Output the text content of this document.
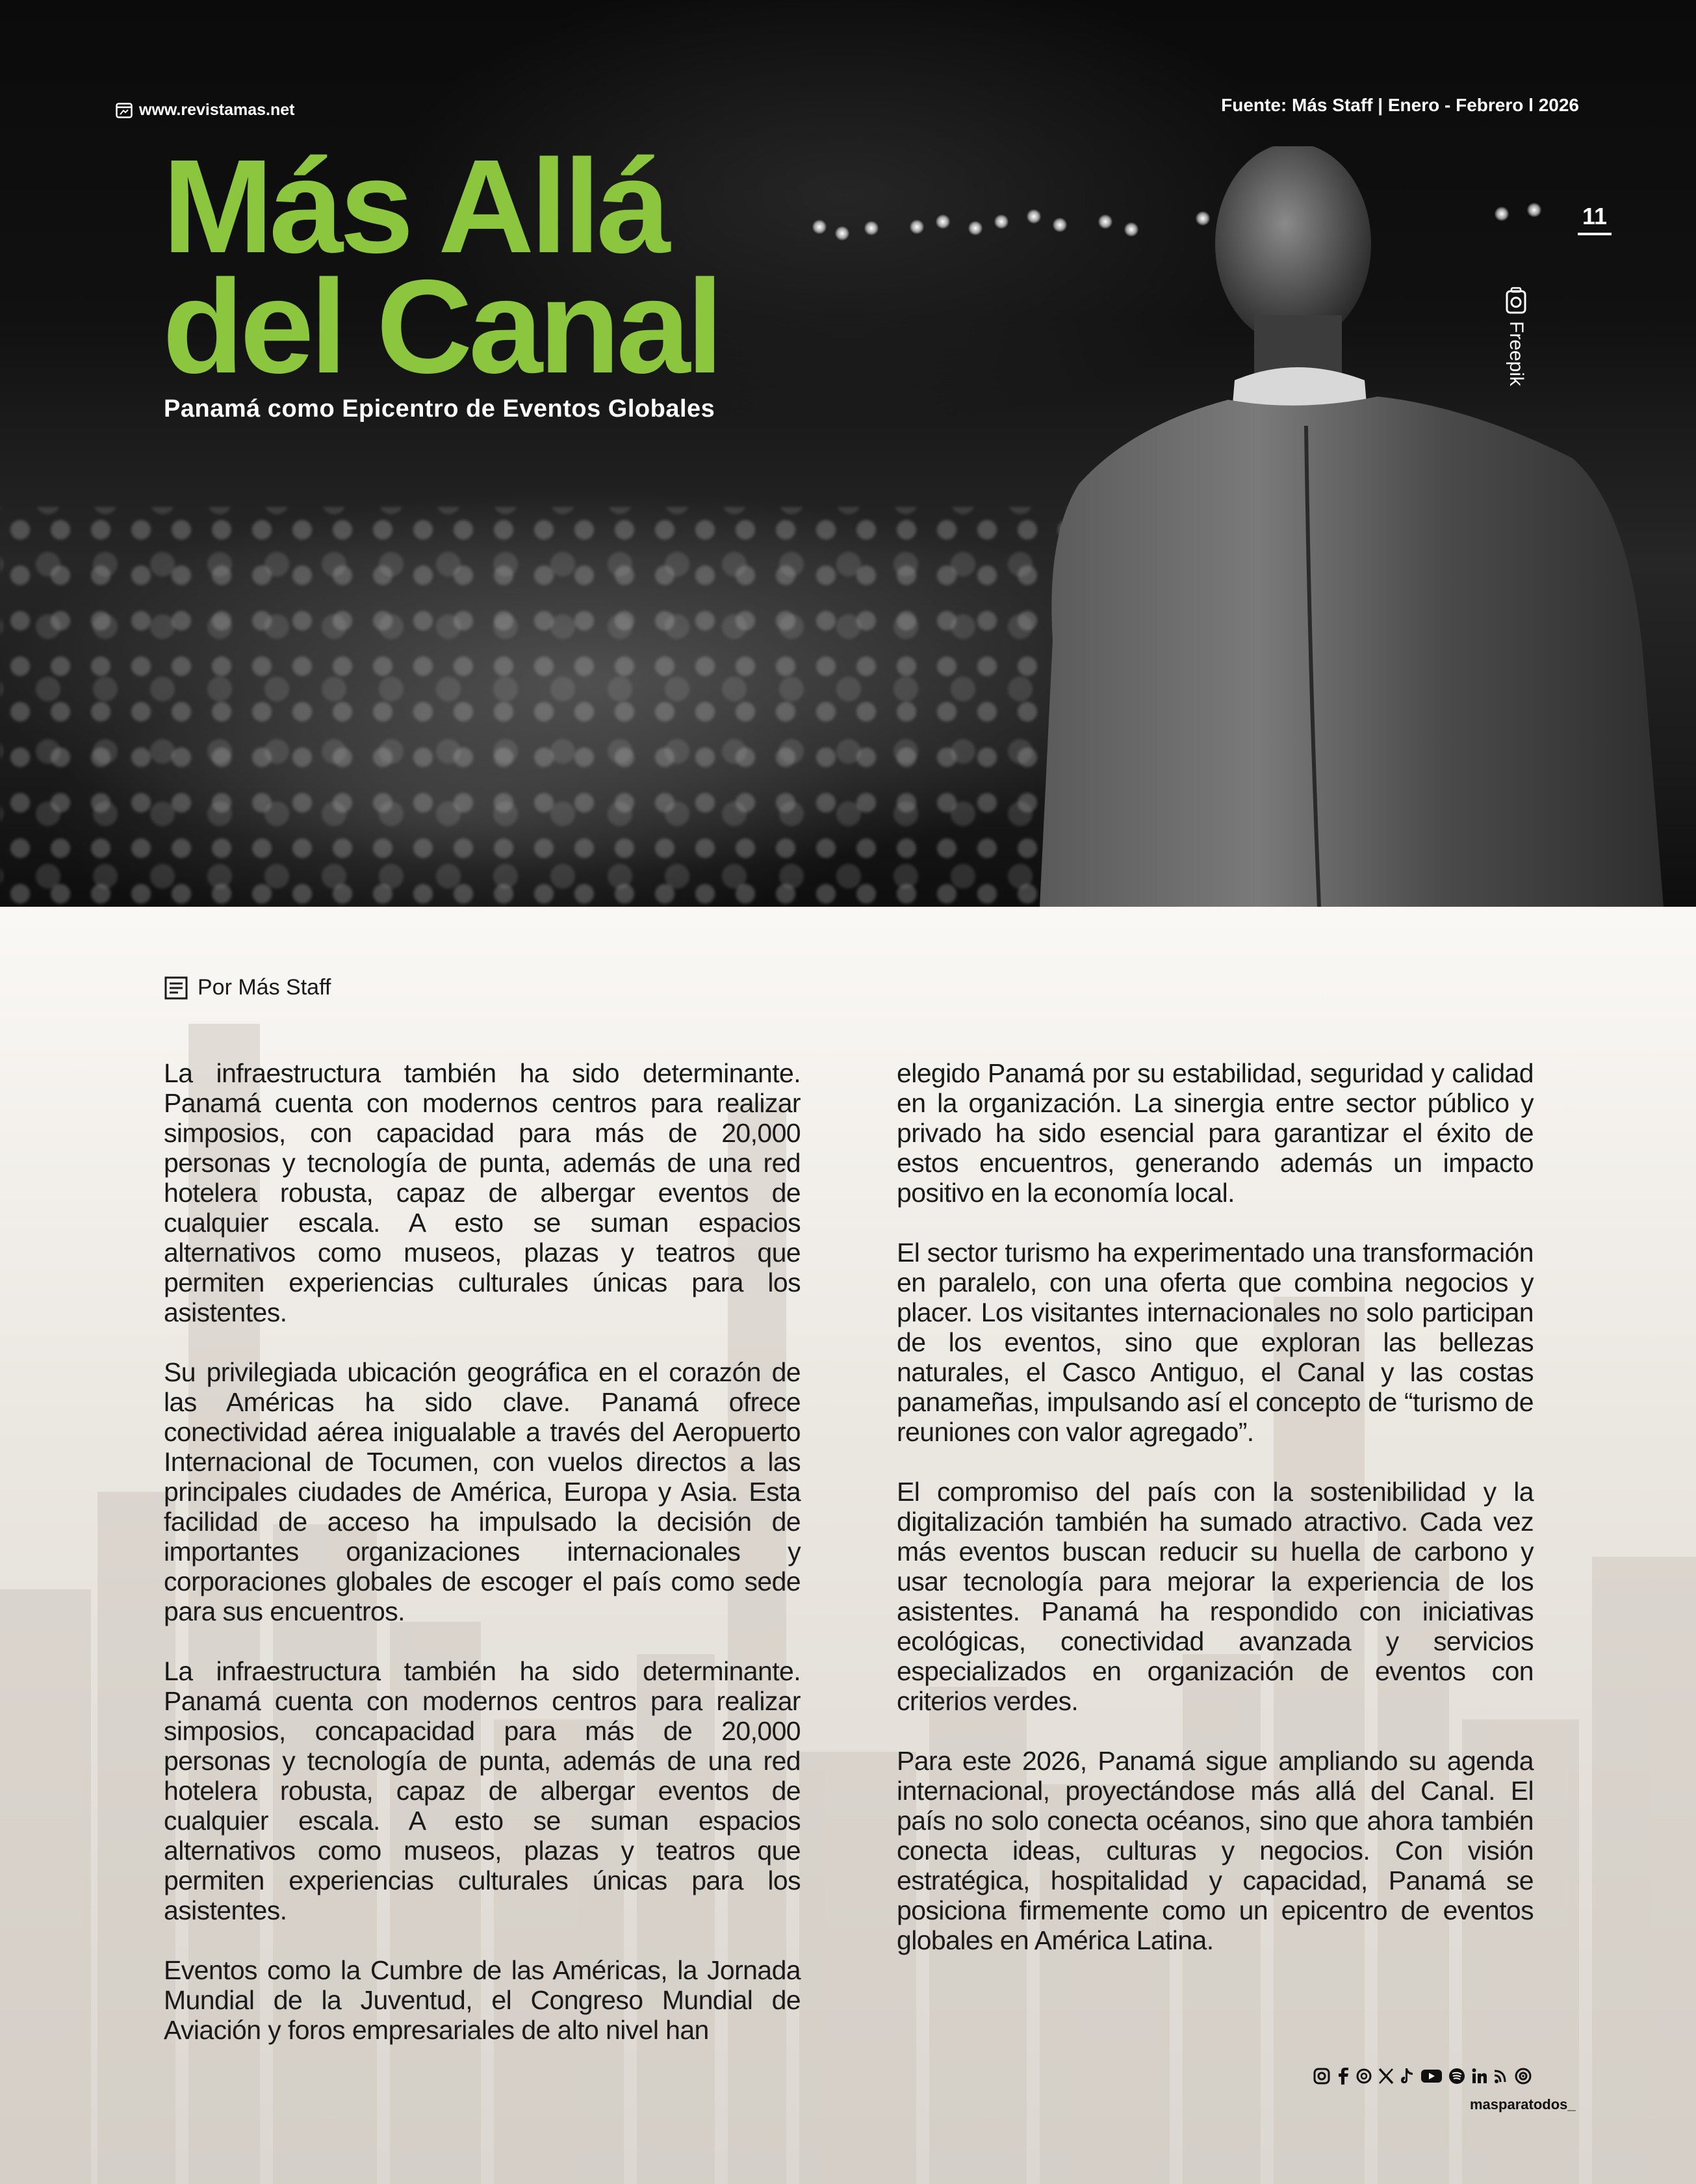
www.revistamas.net	Fuente: Más Staff | Enero - Febrero l 2026
Más Allá
del Canal
Panamá como Epicentro de Eventos Globales
11
Freepik
Por Más Staff

La infraestructura también ha sido determinante. Panamá cuenta con modernos centros para realizar simposios, con capacidad para más de 20,000 personas y tecnología de punta, además de una red hotelera robusta, capaz de albergar eventos de cualquier escala. A esto se suman espacios alternativos como museos, plazas y teatros que permiten experiencias culturales únicas para los asistentes.

Su privilegiada ubicación geográfica en el corazón de las Américas ha sido clave. Panamá ofrece conectividad aérea inigualable a través del Aeropuerto Internacional de Tocumen, con vuelos directos a las principales ciudades de América, Europa y Asia. Esta facilidad de acceso ha impulsado la decisión de importantes organizaciones internacionales y corporaciones globales de escoger el país como sede para sus encuentros.

La infraestructura también ha sido determinante. Panamá cuenta con modernos centros para realizar simposios, concapacidad para más de 20,000 personas y tecnología de punta, además de una red hotelera robusta, capaz de albergar eventos de cualquier escala. A esto se suman espacios alternativos como museos, plazas y teatros que permiten experiencias culturales únicas para los asistentes.

Eventos como la Cumbre de las Américas, la Jornada Mundial de la Juventud, el Congreso Mundial de Aviación y foros empresariales de alto nivel han

elegido Panamá por su estabilidad, seguridad y calidad en la organización. La sinergia entre sector público y privado ha sido esencial para garantizar el éxito de estos encuentros, generando además un impacto positivo en la economía local.

El sector turismo ha experimentado una transformación en paralelo, con una oferta que combina negocios y placer. Los visitantes internacionales no solo participan de los eventos, sino que exploran las bellezas naturales, el Casco Antiguo, el Canal y las costas panameñas, impulsando así el concepto de “turismo de reuniones con valor agregado”.

El compromiso del país con la sostenibilidad y la digitalización también ha sumado atractivo. Cada vez más eventos buscan reducir su huella de carbono y usar tecnología para mejorar la experiencia de los asistentes. Panamá ha respondido con iniciativas ecológicas, conectividad avanzada y servicios especializados en organización de eventos con criterios verdes.

Para este 2026, Panamá sigue ampliando su agenda internacional, proyectándose más allá del Canal. El país no solo conecta océanos, sino que ahora también conecta ideas, culturas y negocios. Con visión estratégica, hospitalidad y capacidad, Panamá se posiciona firmemente como un epicentro de eventos globales en América Latina.

masparatodos_
